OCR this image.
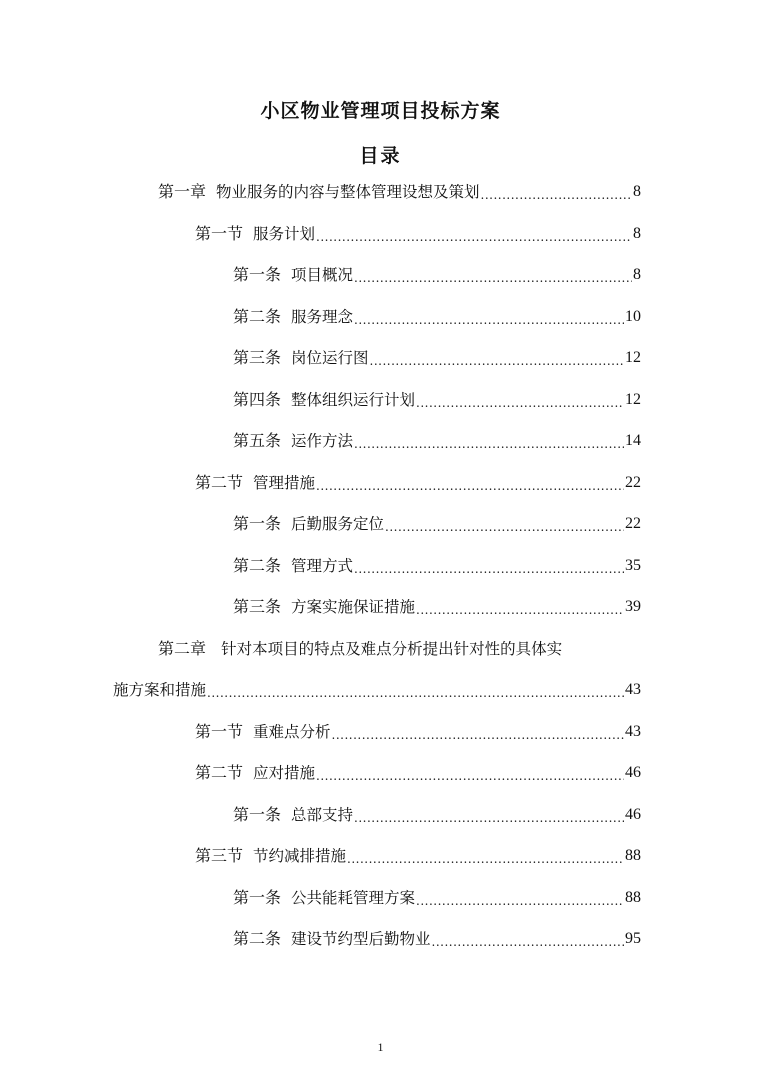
小区物业管理项目投标方案
目录
第一章 物业服务的内容与整体管理设想及策划 .....	8
第一节 服务计划 .....	8
第一条 项目概况 .....	8
第二条 服务理念 .....	10
第三条 岗位运行图 .....	12
第四条 整体组织运行计划 .....	12
第五条 运作方法 .....	14
第二节 管理措施 .....	22
第一条 后勤服务定位 .....	22
第二条 管理方式 .....	35
第三条 方案实施保证措施 .....	39
第二章 针对本项目的特点及难点分析提出针对性的具体实
施方案和措施 .....	43
第一节 重难点分析 .....	43
第二节 应对措施 .....	46
第一条 总部支持 .....	46
第三节 节约减排措施 .....	88
第一条 公共能耗管理方案 .....	88
第二条 建设节约型后勤物业 .....	95
1
